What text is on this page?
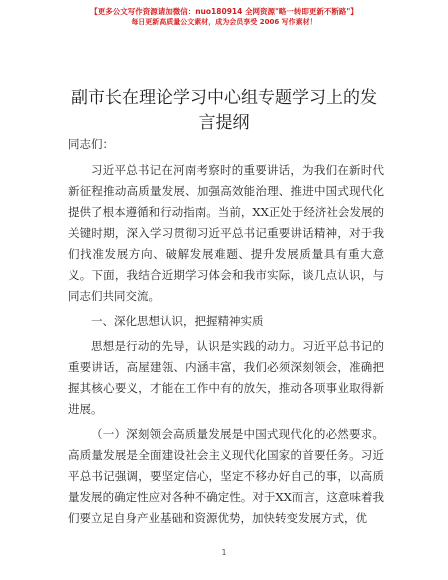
【更多公文写作资源请加微信：nuo180914 全网资源"略一转即更新不断路"】
每日更新高质量公文素材，成为会员享受 2006 写作素材！
副市长在理论学习中心组专题学习上的发言提纲

同志们：

习近平总书记在河南考察时的重要讲话，为我们在新时代新征程推动高质量发展、加强高效能治理、推进中国式现代化提供了根本遵循和行动指南。当前，XX正处于经济社会发展的关键时期，深入学习贯彻习近平总书记重要讲话精神，对于我们找准发展方向、破解发展难题、提升发展质量具有重大意义。下面，我结合近期学习体会和我市实际，谈几点认识，与同志们共同交流。

一、深化思想认识，把握精神实质

思想是行动的先导，认识是实践的动力。习近平总书记的重要讲话，高屋建瓴、内涵丰富，我们必须深刻领会，准确把握其核心要义，才能在工作中有的放矢，推动各项事业取得新进展。

（一）深刻领会高质量发展是中国式现代化的必然要求。高质量发展是全面建设社会主义现代化国家的首要任务。习近平总书记强调，要坚定信心，坚定不移办好自己的事，以高质量发展的确定性应对各种不确定性。对于XX而言，这意味着我们要立足自身产业基础和资源优势，加快转变发展方式，优

1
